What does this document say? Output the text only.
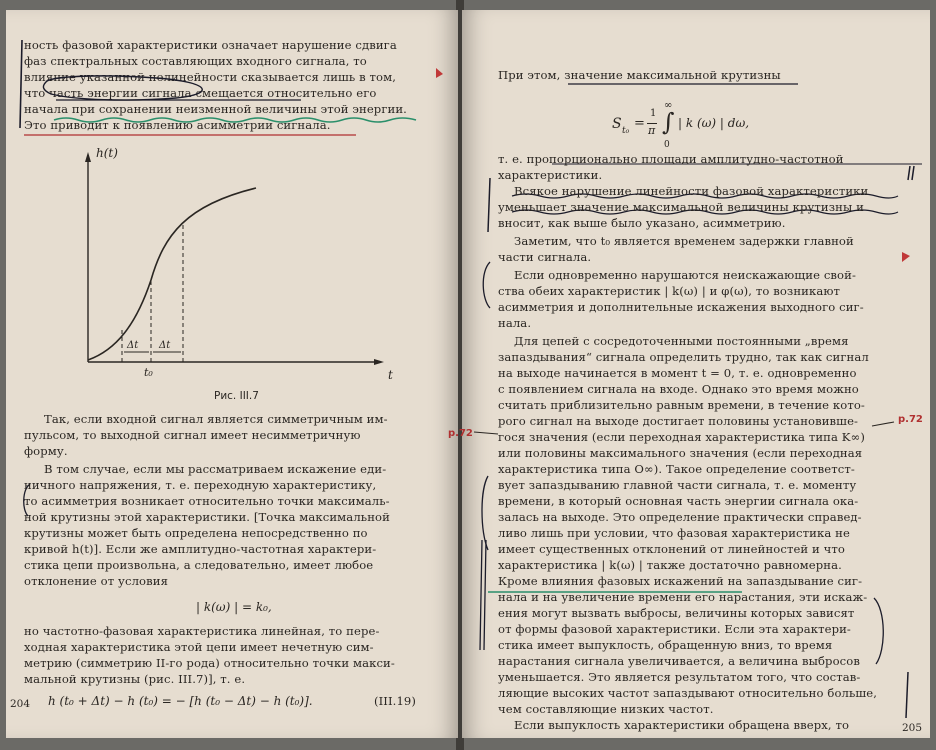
ность фазовой характеристики означает нарушение сдвига
фаз спектральных составляющих входного сигнала, то
влияние указанной нелинейности сказывается лишь в том,
что часть энергии сигнала смещается относительно его
начала при сохранении неизменной величины этой энергии.
Это приводит к появлению асимметрии сигнала.
h(t)
t
t₀
Δt Δt
Рис. III.7
Так, если входной сигнал является симметричным им-
пульсом, то выходной сигнал имеет несимметричную
форму.
В том случае, если мы рассматриваем искажение еди-
ничного напряжения, т. е. переходную характеристику,
то асимметрия возникает относительно точки максималь-
ной крутизны этой характеристики. [Точка максимальной
крутизны может быть определена непосредственно по
кривой h(t)]. Если же амплитудно-частотная характери-
стика цепи произвольна, а следовательно, имеет любое
отклонение от условия
| k(ω) | = k₀,
но частотно-фазовая характеристика линейная, то пере-
ходная характеристика этой цепи имеет нечетную сим-
метрию (симметрию II-го рода) относительно точки макси-
мальной крутизны (рис. III.7)], т. е.
h (t₀ + Δt) − h (t₀) = − [h (t₀ − Δt) − h (t₀)].	(III.19)
204
При этом, значение максимальной крутизны
S t₀ =
1
π
∞
∫
0
| k (ω) | dω,
т. е. пропорционально площади амплитудно-частотной
характеристики.
Всякое нарушение линейности фазовой характеристики
уменьшает значение максимальной величины крутизны и
вносит, как выше было указано, асимметрию.
Заметим, что t₀ является временем задержки главной
части сигнала.
Если одновременно нарушаются неискажающие свой-
ства обеих характеристик | k(ω) | и φ(ω), то возникают
асимметрия и дополнительные искажения выходного сиг-
нала.
Для цепей с сосредоточенными постоянными „время
запаздывания“ сигнала определить трудно, так как сигнал
на выходе начинается в момент t = 0, т. е. одновременно
с появлением сигнала на входе. Однако это время можно
считать приблизительно равным времени, в течение кото-
рого сигнал на выходе достигает половины установившe-
гося значения (если переходная характеристика типа K∞)
или половины максимального значения (если переходная
характеристика типа O∞). Такое определение соответст-
вует запаздыванию главной части сигнала, т. е. моменту
времени, в который основная часть энергии сигнала ока-
залась на выходе. Это определение практически справед-
ливо лишь при условии, что фазовая характеристика не
имеет существенных отклонений от линейностей и что
характеристика | k(ω) | также достаточно равномерна.
Кроме влияния фазовых искажений на запаздывание сиг-
нала и на увеличение времени его нарастания, эти искаж-
ения могут вызвать выбросы, величины которых зависят
от формы фазовой характеристики. Если эта характери-
стика имеет выпуклость, обращенную вниз, то время
нарастания сигнала увеличивается, а величина выбросов
уменьшается. Это является результатом того, что состав-
ляющие высоких частот запаздывают относительно больше,
чем составляющие низких частот.
Если выпуклость характеристики обращена вверх, то
р.72
р.72
205
